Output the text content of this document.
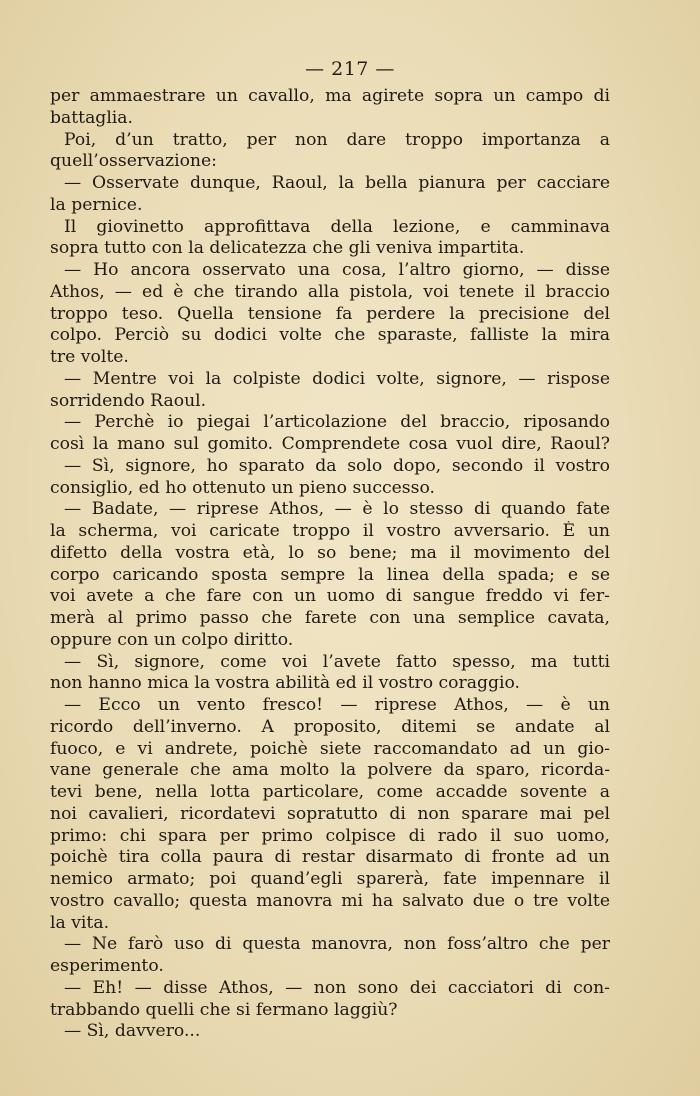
— 217 —
per ammaestrare un cavallo, ma agirete sopra un campo di
battaglia.
Poi, d’un tratto, per non dare troppo importanza a
quell’osservazione:
— Osservate dunque, Raoul, la bella pianura per cacciare
la pernice.
Il giovinetto approfittava della lezione, e camminava
sopra tutto con la delicatezza che gli veniva impartita.
— Ho ancora osservato una cosa, l’altro giorno, — disse
Athos, — ed è che tirando alla pistola, voi tenete il braccio
troppo teso. Quella tensione fa perdere la precisione del
colpo. Perciò su dodici volte che sparaste, falliste la mira
tre volte.
— Mentre voi la colpiste dodici volte, signore, — rispose
sorridendo Raoul.
— Perchè io piegai l’articolazione del braccio, riposando
così la mano sul gomito. Comprendete cosa vuol dire, Raoul?
— Sì, signore, ho sparato da solo dopo, secondo il vostro
consiglio, ed ho ottenuto un pieno successo.
— Badate, — riprese Athos, — è lo stesso di quando fate
la scherma, voi caricate troppo il vostro avversario. È un
difetto della vostra età, lo so bene; ma il movimento del
corpo caricando sposta sempre la linea della spada; e se
voi avete a che fare con un uomo di sangue freddo vi fer-
merà al primo passo che farete con una semplice cavata,
oppure con un colpo diritto.
— Sì, signore, come voi l’avete fatto spesso, ma tutti
non hanno mica la vostra abilità ed il vostro coraggio.
— Ecco un vento fresco! — riprese Athos, — è un
ricordo dell’inverno. A proposito, ditemi se andate al
fuoco, e vi andrete, poichè siete raccomandato ad un gio-
vane generale che ama molto la polvere da sparo, ricorda-
tevi bene, nella lotta particolare, come accadde sovente a
noi cavalieri, ricordatevi sopratutto di non sparare mai pel
primo: chi spara per primo colpisce di rado il suo uomo,
poichè tira colla paura di restar disarmato di fronte ad un
nemico armato; poi quand’egli sparerà, fate impennare il
vostro cavallo; questa manovra mi ha salvato due o tre volte
la vita.
— Ne farò uso di questa manovra, non foss’altro che per
esperimento.
— Eh! — disse Athos, — non sono dei cacciatori di con-
trabbando quelli che si fermano laggiù?
— Sì, davvero...
